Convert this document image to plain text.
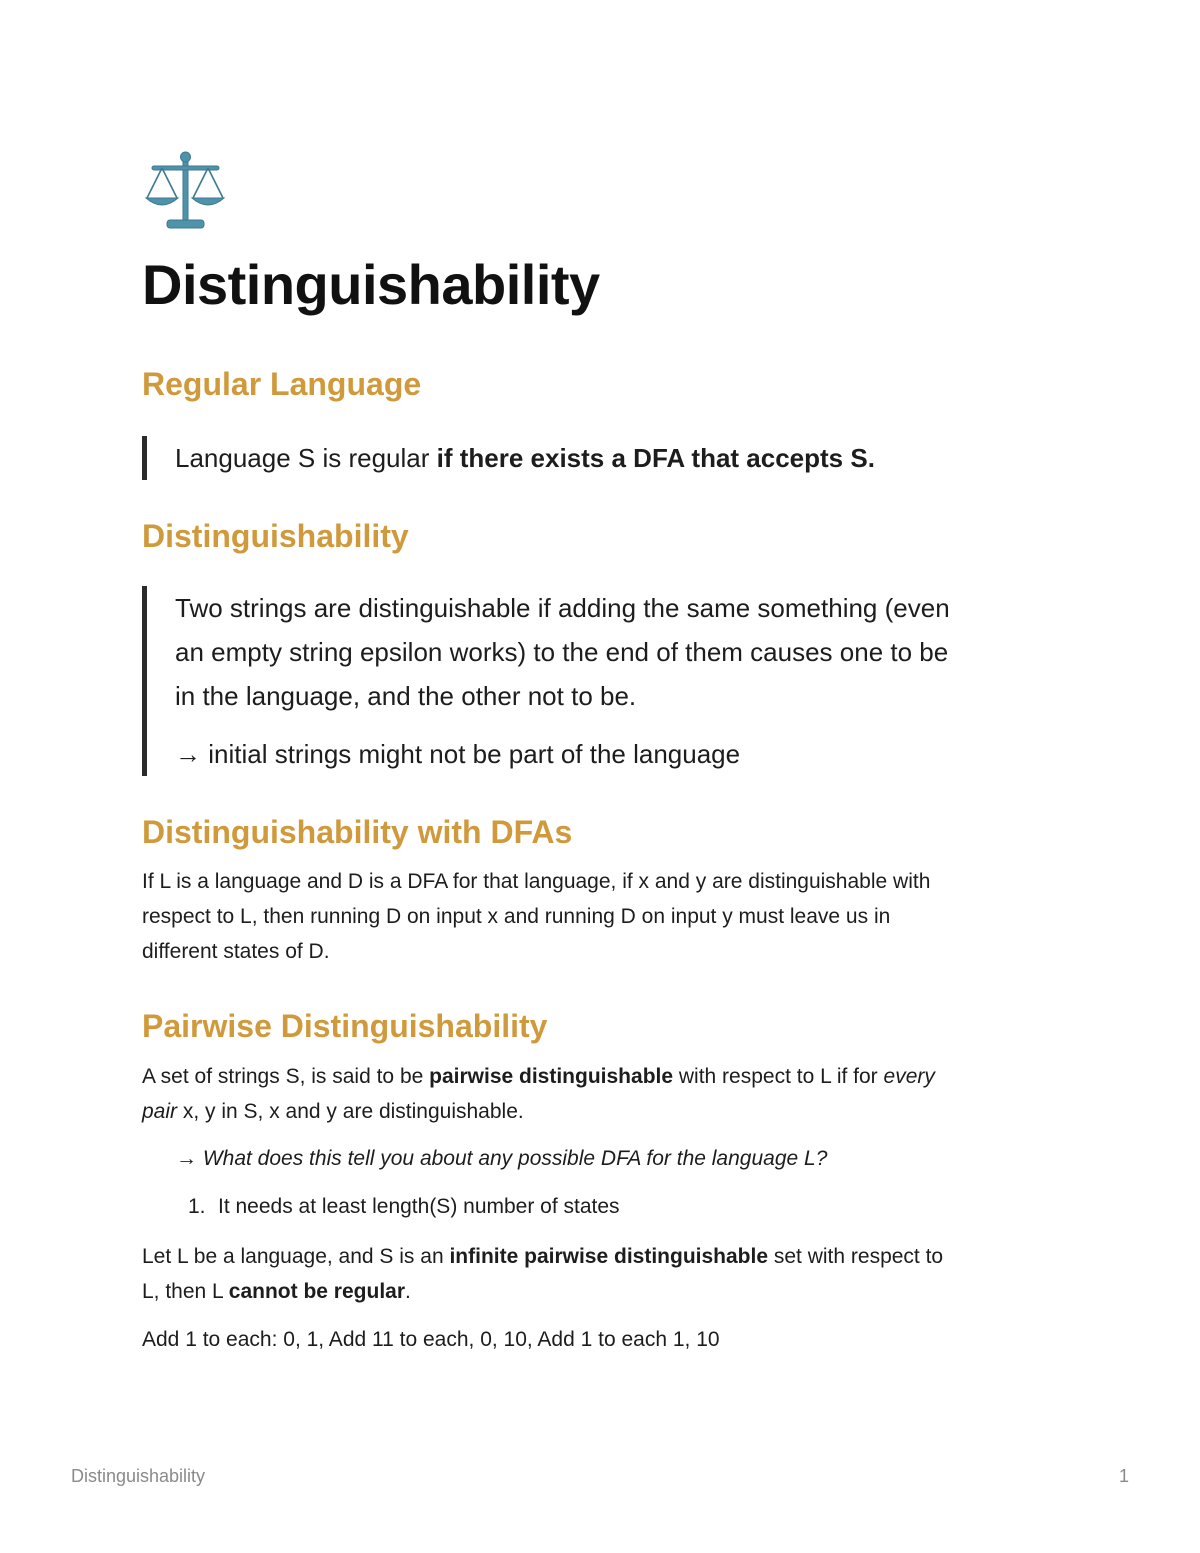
Distinguishability
Regular Language

Language S is regular if there exists a DFA that accepts S.

Distinguishability

Two strings are distinguishable if adding the same something (even

an empty string epsilon works) to the end of them causes one to be

in the language, and the other not to be.

→ initial strings might not be part of the language

Distinguishability with DFAs
If L is a language and D is a DFA for that language, if x and y are distinguishable with
respect to L, then running D on input x and running D on input y must leave us in
different states of D.
Pairwise Distinguishability
A set of strings S, is said to be pairwise distinguishable with respect to L if for every
pair x, y in S, x and y are distinguishable.
→ What does this tell you about any possible DFA for the language L?
1. It needs at least length(S) number of states
Let L be a language, and S is an infinite pairwise distinguishable set with respect to
L, then L cannot be regular.
Add 1 to each: 0, 1, Add 11 to each, 0, 10, Add 1 to each 1, 10
Distinguishability	1
